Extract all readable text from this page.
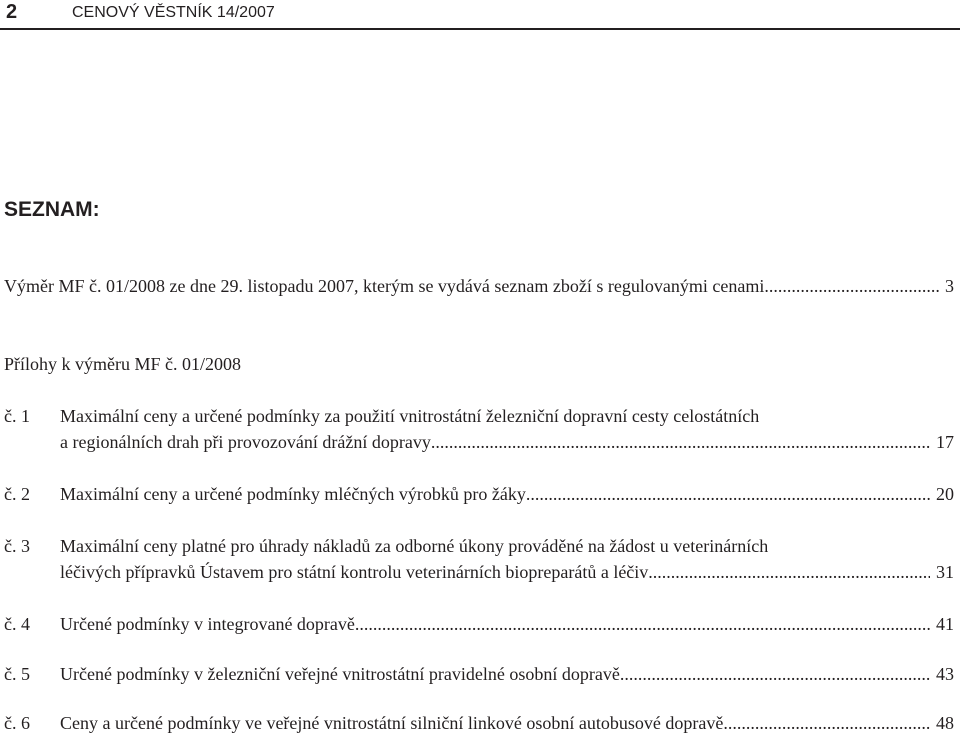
2	CENOVÝ VĚSTNÍK 14/2007
SEZNAM:
Výměr MF č. 01/2008 ze dne 29. listopadu 2007, kterým se vydává seznam zboží s regulovanými cenami .....	3
Přílohy k výměru MF č. 01/2008
č. 1 Maximální ceny a určené podmínky za použití vnitrostátní železniční dopravní cesty celostátních
a regionálních drah při provozování drážní dopravy .....	17
č. 2 Maximální ceny a určené podmínky mléčných výrobků pro žáky .....	20
č. 3 Maximální ceny platné pro úhrady nákladů za odborné úkony prováděné na žádost u veterinárních
léčivých přípravků Ústavem pro státní kontrolu veterinárních biopreparátů a léčiv .....	31
č. 4 Určené podmínky v integrované dopravě .....	41
č. 5 Určené podmínky v železniční veřejné vnitrostátní pravidelné osobní dopravě .....	43
č. 6 Ceny a určené podmínky ve veřejné vnitrostátní silniční linkové osobní autobusové dopravě .....	48
